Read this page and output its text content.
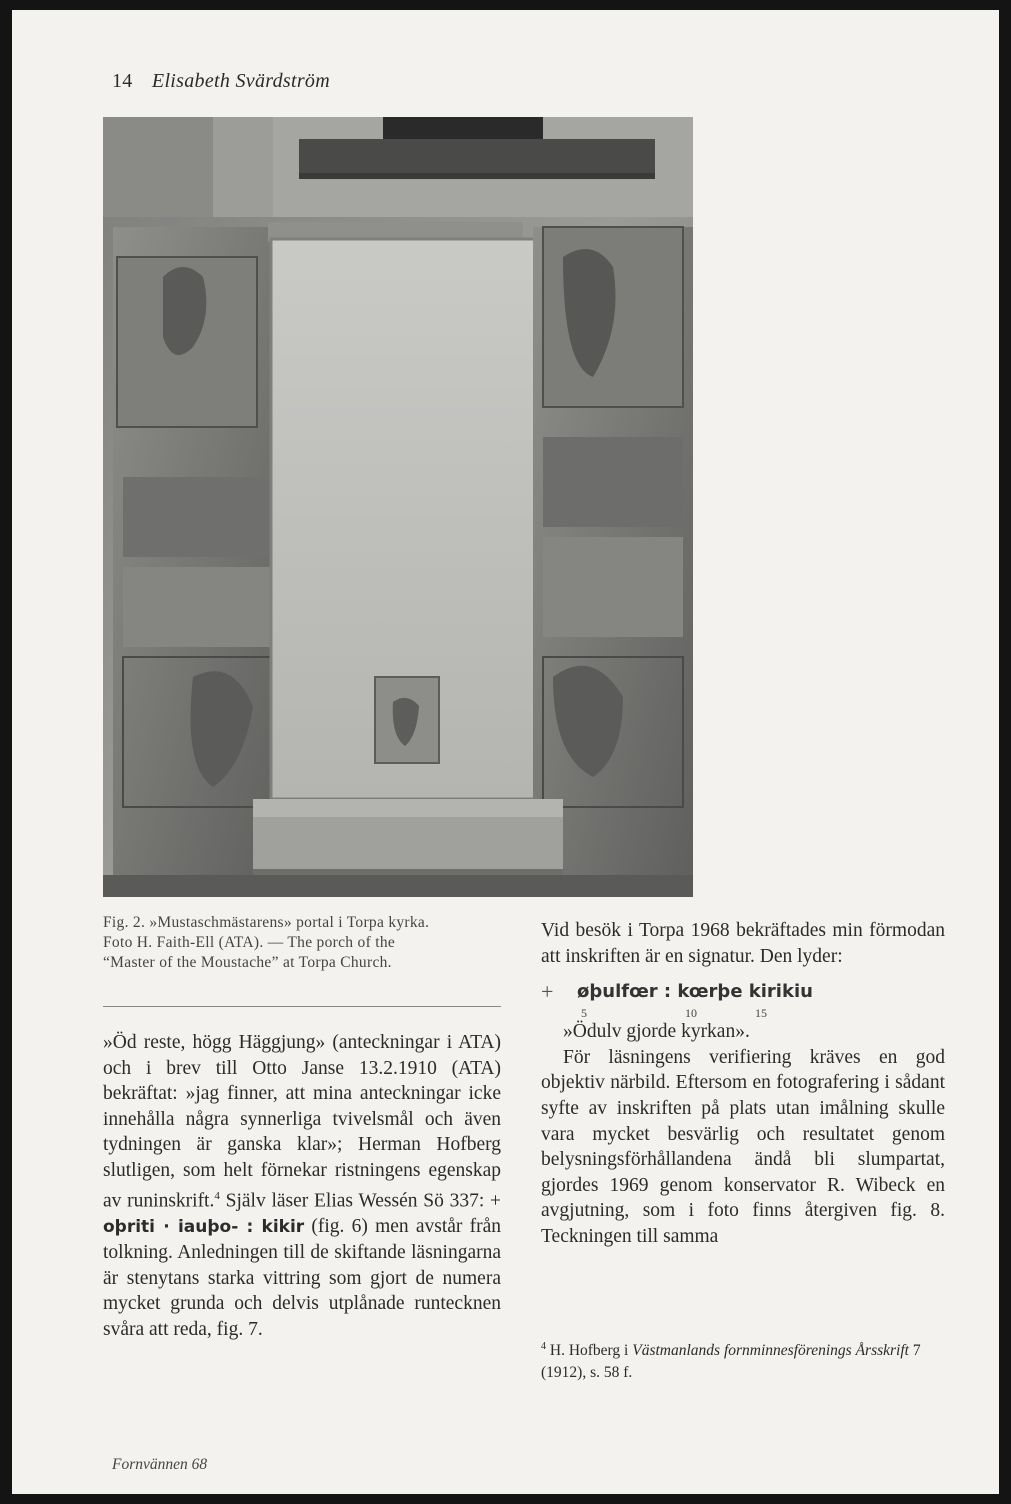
14 Elisabeth Svärdström
Fig. 2. »Mustaschmästarens» portal i Torpa kyrka.
Foto H. Faith-Ell (ATA). — The porch of the
“Master of the Moustache” at Torpa Church.

»Öd reste, högg Häggjung» (anteckningar i ATA) och i brev till Otto Janse 13.2.1910 (ATA) bekräftat: »jag finner, att mina anteckningar icke innehålla några synnerliga tvivelsmål och även tydningen är ganska klar»; Herman Hofberg slutligen, som helt förnekar ristningens egenskap av runinskrift.$^4$ Själv läser Elias Wessén Sö 337: + oþriti · iauþo- : kikir (fig. 6) men avstår från tolkning. Anledningen till de skiftande läsningarna är stenytans starka vittring som gjort de numera mycket grunda och delvis utplånade runtecknen svåra att reda, fig. 7.

Vid besök i Torpa 1968 bekräftades min förmodan att inskriften är en signatur. Den lyder:

+ øþulfœr : kœrþe kirikiu
5	10	15

»Ödulv gjorde kyrkan».

För läsningens verifiering kräves en god objektiv närbild. Eftersom en fotografering i sådant syfte av inskriften på plats utan imålning skulle vara mycket besvärlig och resultatet genom belysningsförhållandena ändå bli slumpartat, gjordes 1969 genom konservator R. Wibeck en avgjutning, som i foto finns återgiven fig. 8. Teckningen till samma

$^4$ H. Hofberg i Västmanlands fornminnesförenings Årsskrift 7 (1912), s. 58 f.
Fornvännen 68
